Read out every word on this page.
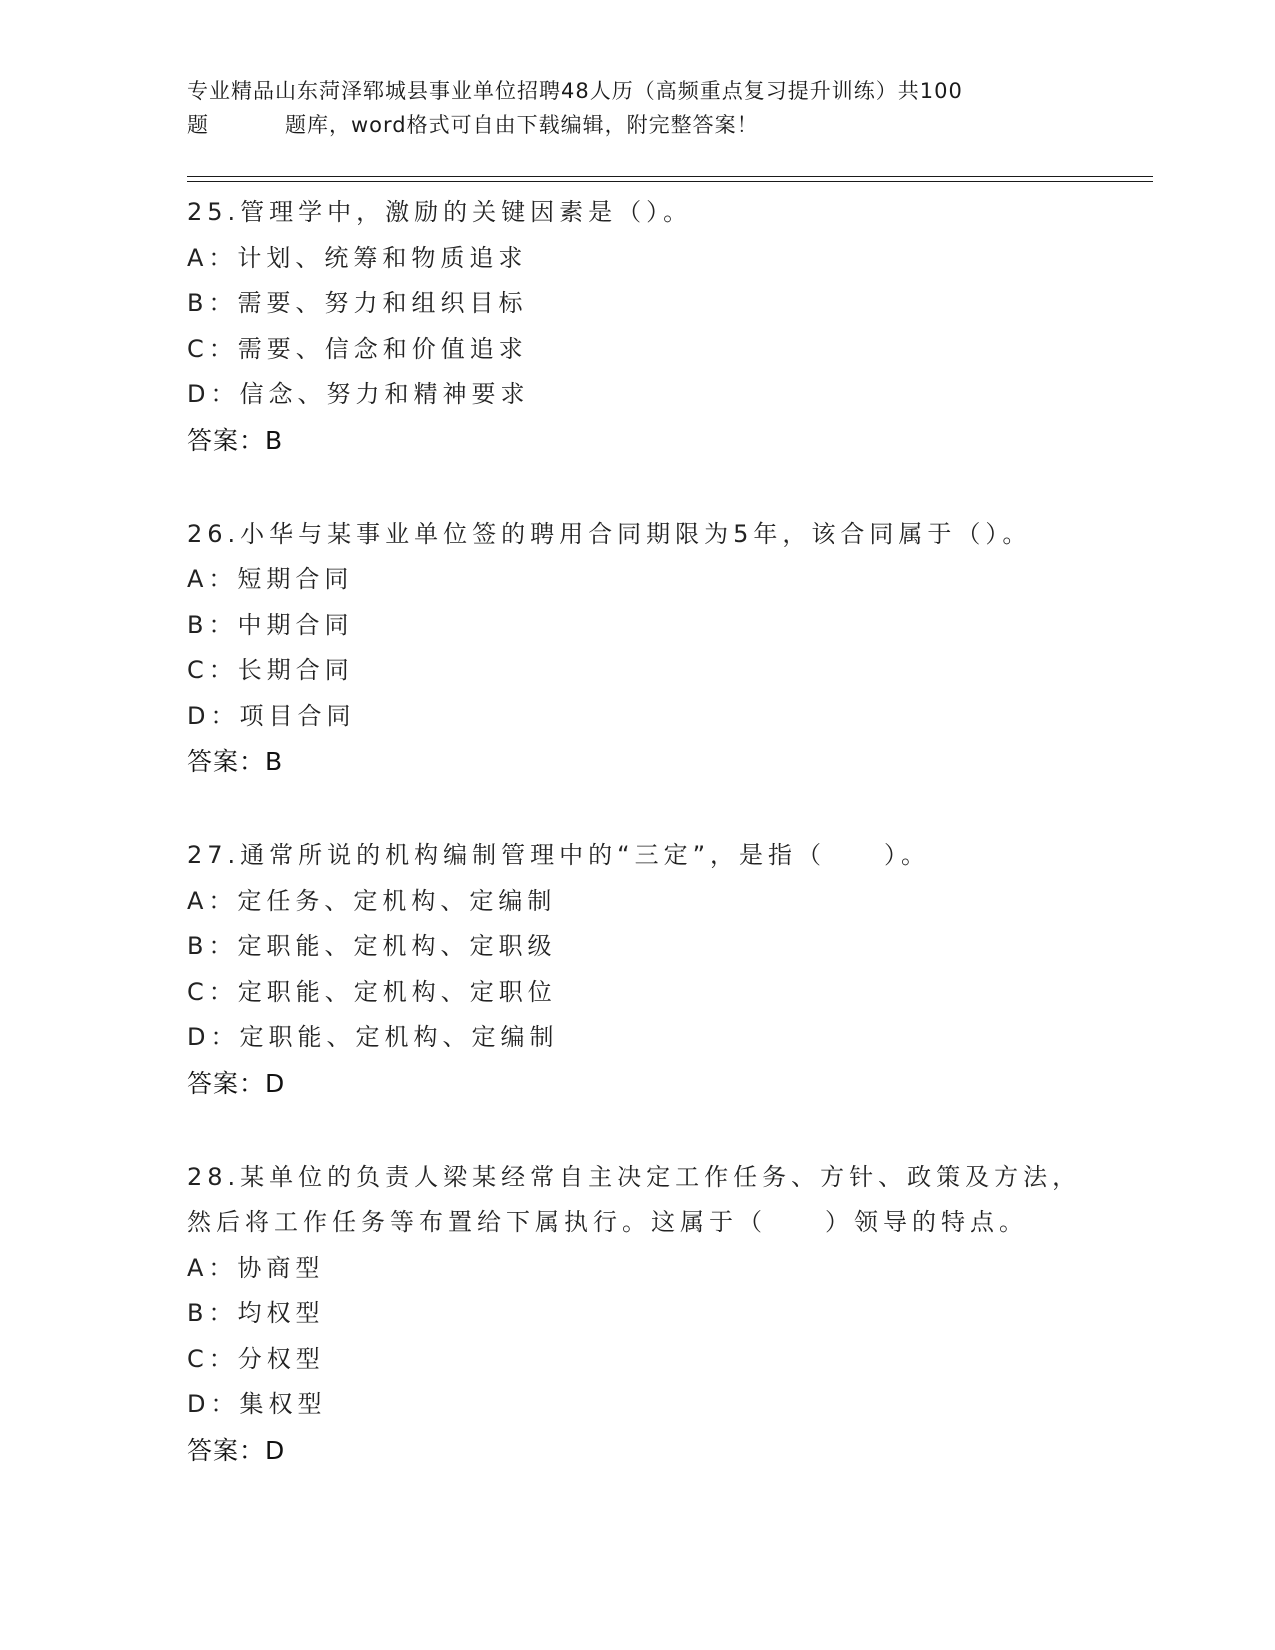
专业精品山东菏泽郓城县事业单位招聘48人历（高频重点复习提升训练）共100
题	题库，word格式可自由下载编辑，附完整答案！
25.管理学中，激励的关键因素是（）。
A：计划、统筹和物质追求
B：需要、努力和组织目标
C：需要、信念和价值追求
D：信念、努力和精神要求
答案：B
26.小华与某事业单位签的聘用合同期限为5年，该合同属于（）。
A：短期合同
B：中期合同
C：长期合同
D：项目合同
答案：B
27.通常所说的机构编制管理中的“三定”，是指（　　）。
A：定任务、定机构、定编制
B：定职能、定机构、定职级
C：定职能、定机构、定职位
D：定职能、定机构、定编制
答案：D
28.某单位的负责人梁某经常自主决定工作任务、方针、政策及方法，然后将工作任务等布置给下属执行。这属于（　　）领导的特点。
A：协商型
B：均权型
C：分权型
D：集权型
答案：D
